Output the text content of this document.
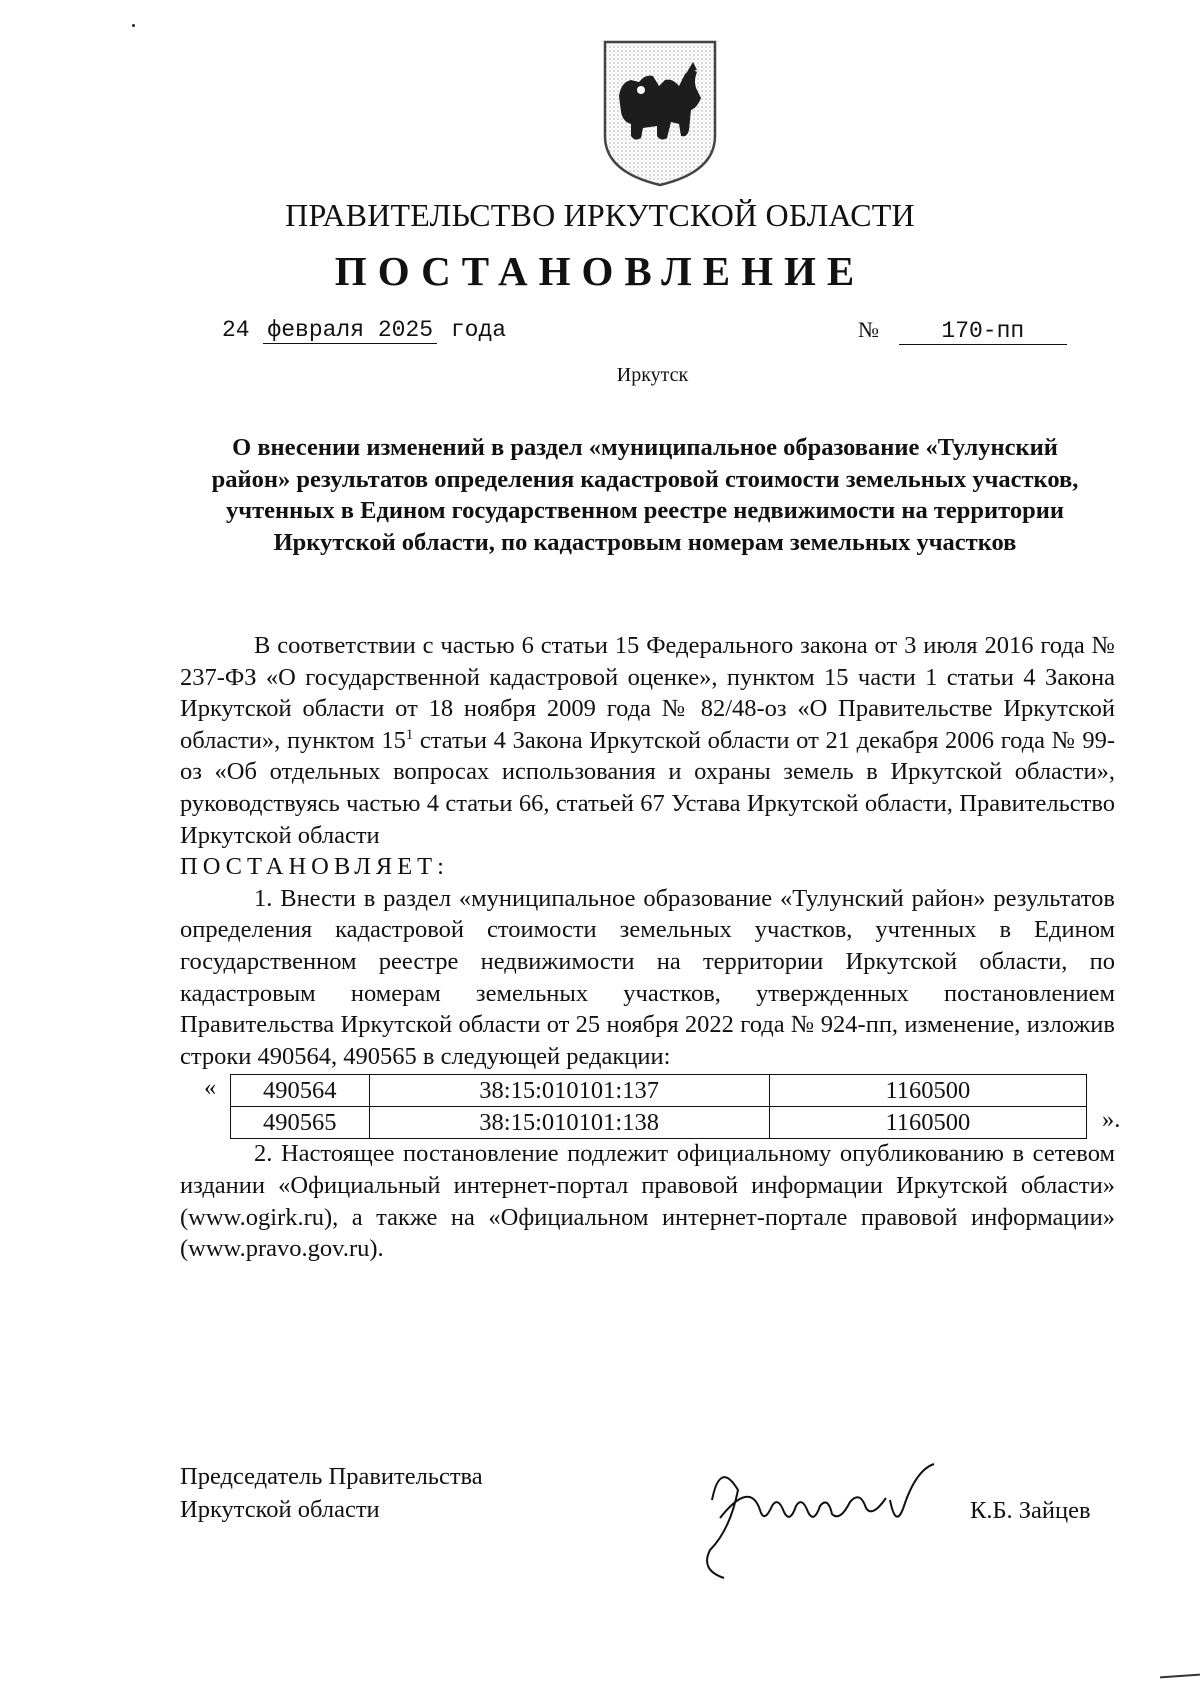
ПРАВИТЕЛЬСТВО ИРКУТСКОЙ ОБЛАСТИ
ПОСТАНОВЛЕНИЕ
24 февраля 2025 года	№	170-пп
Иркутск
О внесении изменений в раздел «муниципальное образование «Тулунский район» результатов определения кадастровой стоимости земельных участков, учтенных в Едином государственном реестре недвижимости на территории Иркутской области, по кадастровым номерам земельных участков

В соответствии с частью 6 статьи 15 Федерального закона от 3 июля 2016 года № 237-ФЗ «О государственной кадастровой оценке», пунктом 15 части 1 статьи 4 Закона Иркутской области от 18 ноября 2009 года № 82/48-оз «О Правительстве Иркутской области», пунктом $15^1$ статьи 4 Закона Иркутской области от 21 декабря 2006 года № 99-оз «Об отдельных вопросах использования и охраны земель в Иркутской области», руководствуясь частью 4 статьи 66, статьей 67 Устава Иркутской области, Правительство Иркутской области

ПОСТАНОВЛЯЕТ:

1. Внести в раздел «муниципальное образование «Тулунский район» результатов определения кадастровой стоимости земельных участков, учтенных в Едином государственном реестре недвижимости на территории Иркутской области, по кадастровым номерам земельных участков, утвержденных постановлением Правительства Иркутской области от 25 ноября 2022 года № 924-пп, изменение, изложив строки 490564, 490565 в следующей редакции:

« 490564	38:15:010101:137	1160500
490565	38:15:010101:138	1160500	».

2. Настоящее постановление подлежит официальному опубликованию в сетевом издании «Официальный интернет-портал правовой информации Иркутской области» (www.ogirk.ru), а также на «Официальном интернет-портале правовой информации» (www.pravo.gov.ru).

Председатель Правительства
Иркутской области	К.Б. Зайцев
